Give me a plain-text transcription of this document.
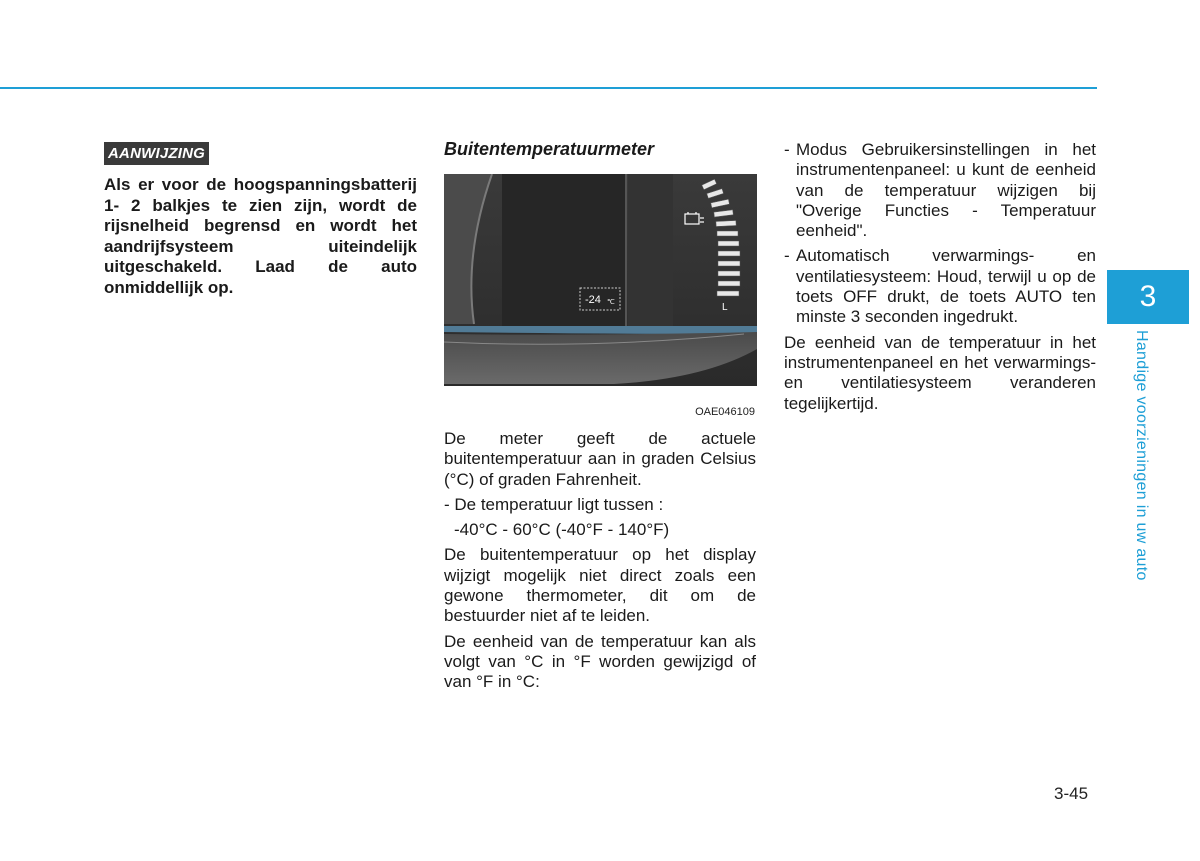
AANWIJZING

Als er voor de hoogspanningsbatterij 1- 2 balkjes te zien zijn, wordt de rijsnelheid begrensd en wordt het aandrijfsysteem uiteindelijk uitgeschakeld. Laad de auto onmiddellijk op.

Buitentemperatuurmeter
-24 ℃	L
OAE046109

De meter geeft de actuele buitentemperatuur aan in graden Celsius (°C) of graden Fahrenheit.

- De temperatuur ligt tussen :

-40°C - 60°C (-40°F - 140°F)

De buitentemperatuur op het display wijzigt mogelijk niet direct zoals een gewone thermometer, dit om de bestuurder niet af te leiden.

De eenheid van de temperatuur kan als volgt van °C in °F worden gewijzigd of van °F in °C:

- Modus Gebruikersinstellingen in het instrumentenpaneel: u kunt de eenheid van de temperatuur wijzigen bij "Overige Functies - Temperatuur eenheid".
- Automatisch verwarmings- en ventilatiesysteem: Houd, terwijl u op de toets OFF drukt, de toets AUTO ten minste 3 seconden ingedrukt.

De eenheid van de temperatuur in het instrumentenpaneel en het verwarmings- en ventilatiesysteem veranderen tegelijkertijd.

3
Handige voorzieningen in uw auto
3-45
